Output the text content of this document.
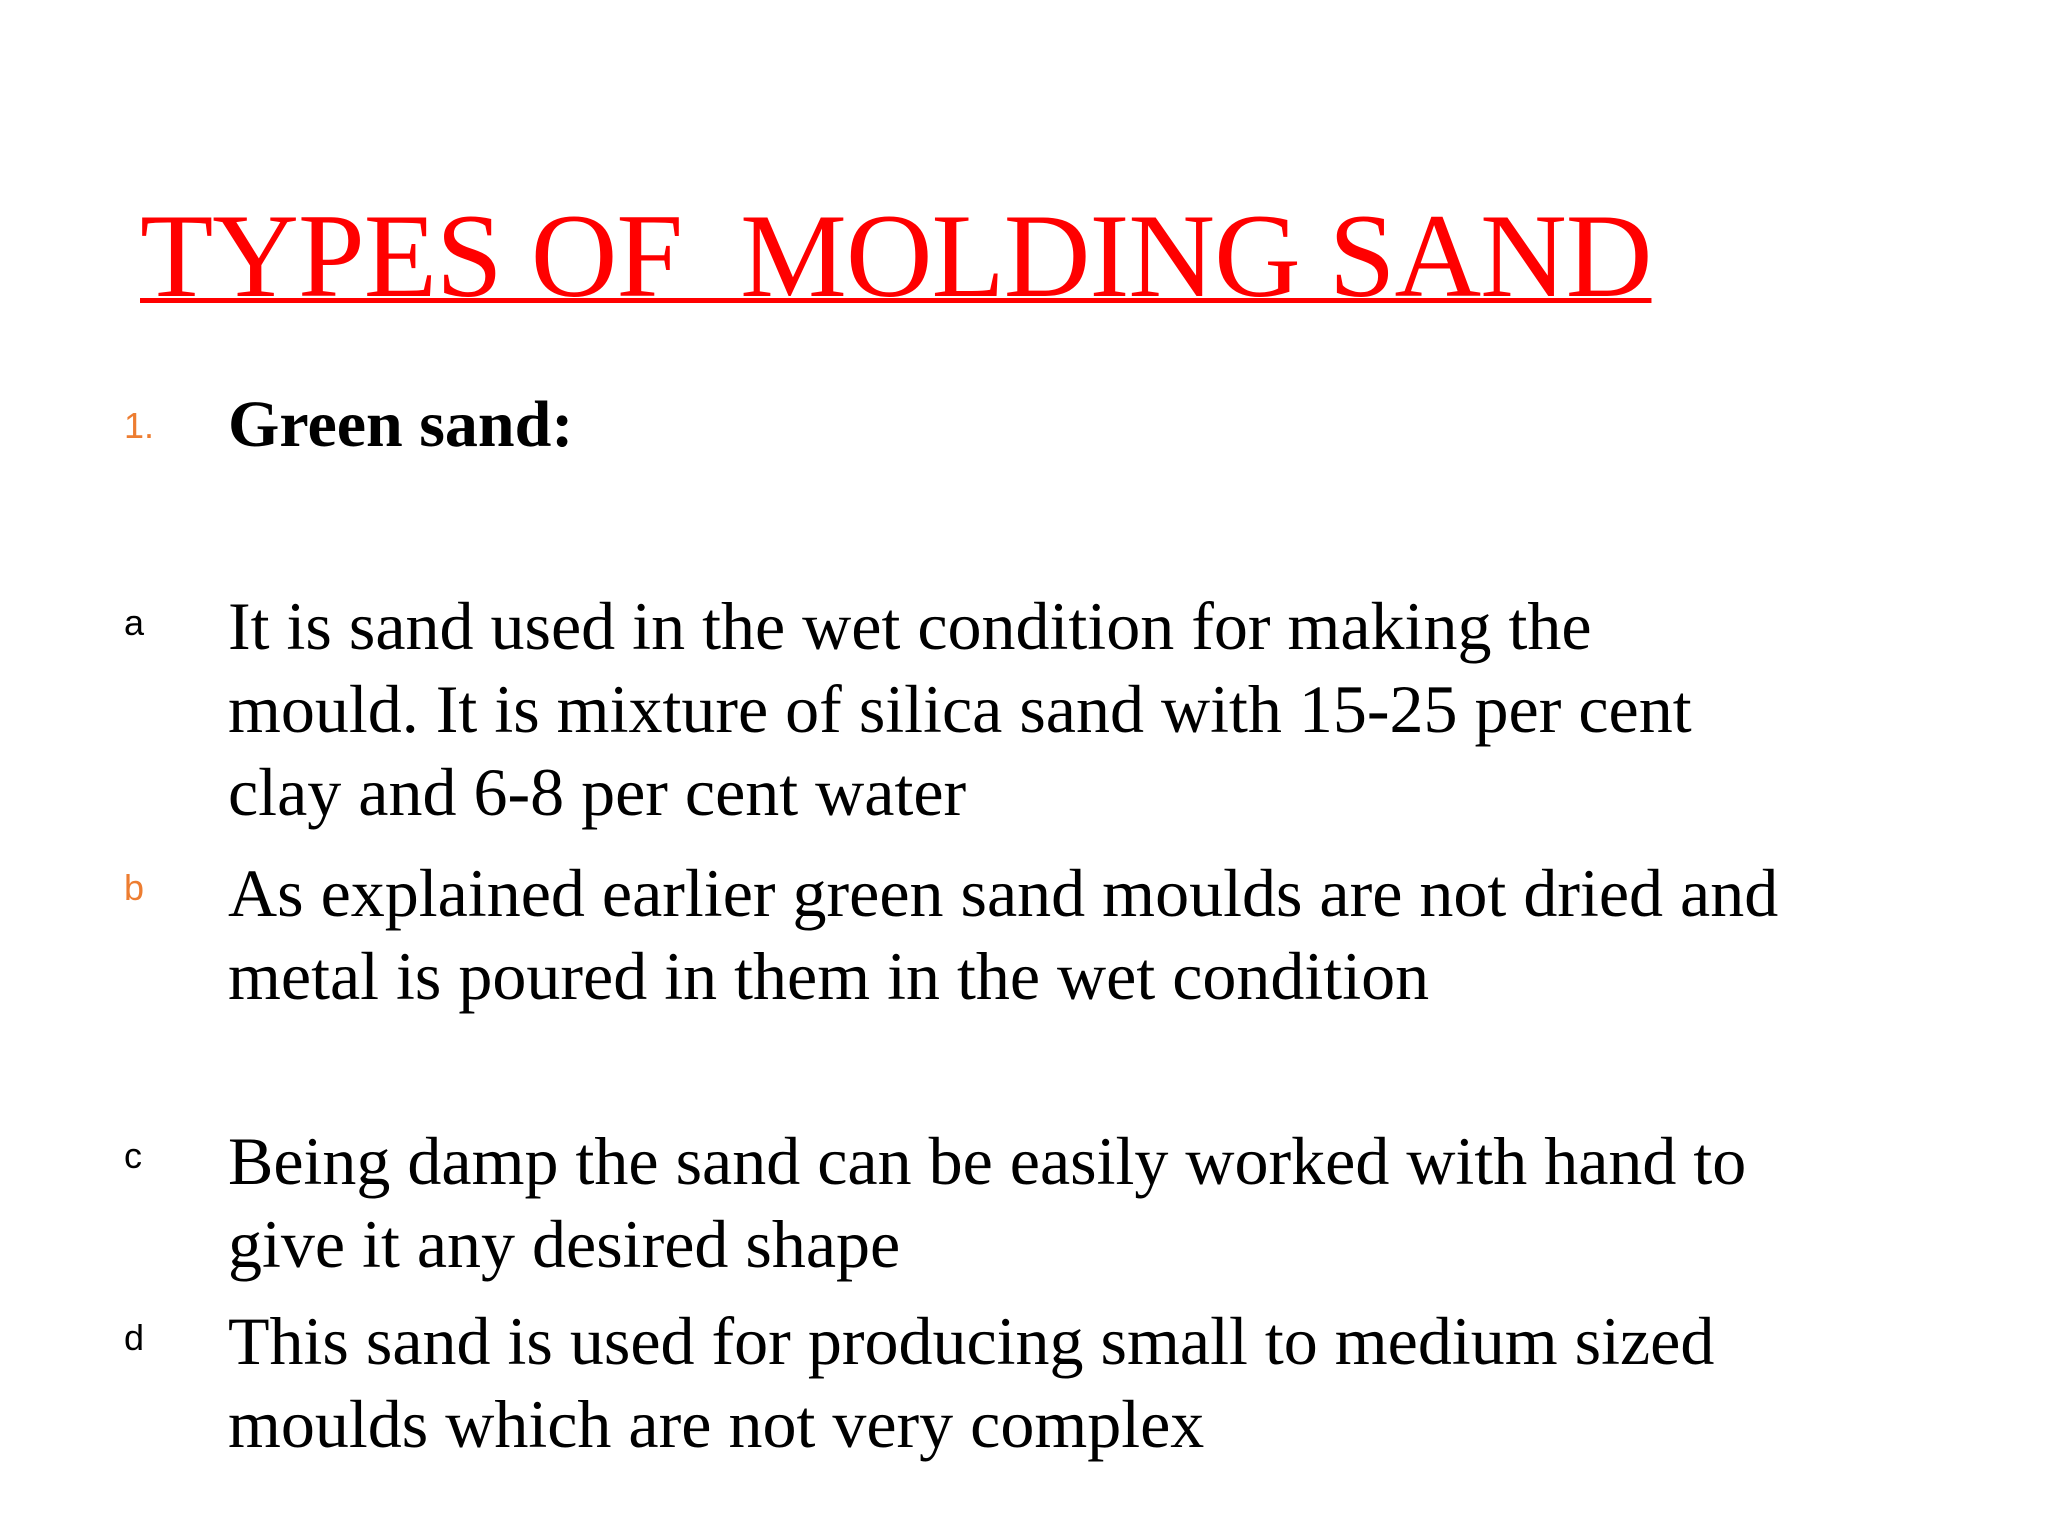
TYPES OF  MOLDING SAND
1. Green sand:
a It is sand used in the wet condition for making the mould. It is mixture of silica sand with 15-25 per cent clay and 6-8 per cent water

b As explained earlier green sand moulds are not dried and metal is poured in them in the wet condition

c Being damp the sand can be easily worked with hand to give it any desired shape

d This sand is used for producing small to medium sized moulds which are not very complex
